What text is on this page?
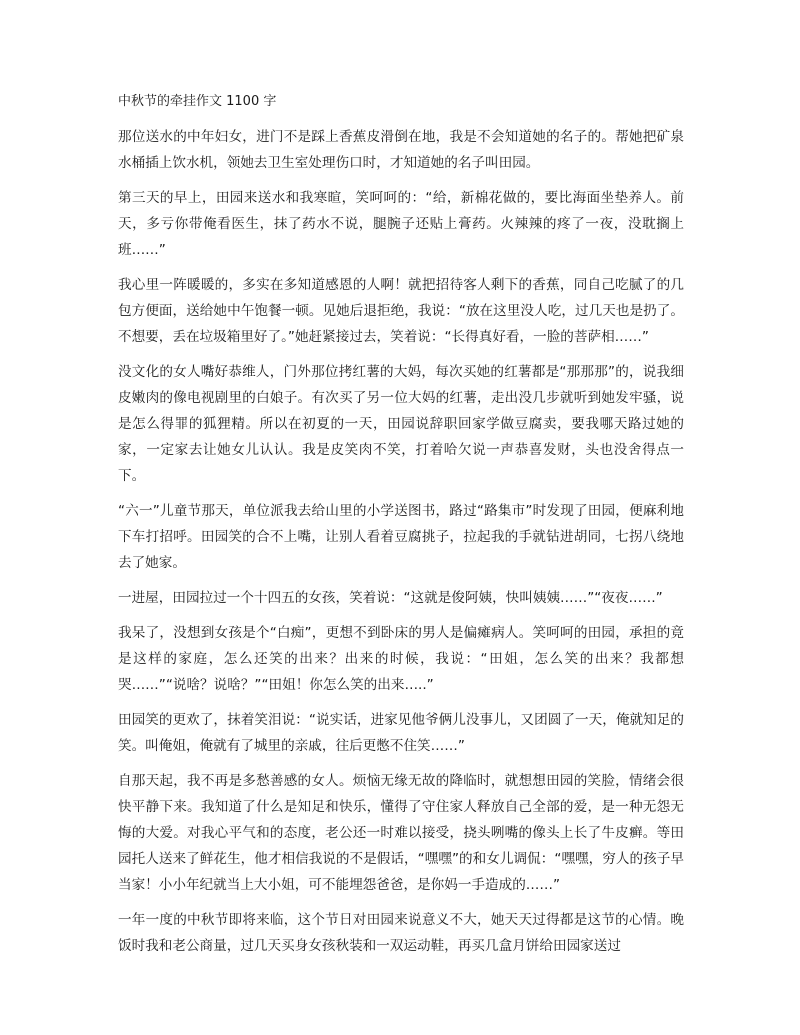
中秋节的牵挂作文 1100 字

那位送水的中年妇女，进门不是踩上香蕉皮滑倒在地，我是不会知道她的名子的。帮她把矿泉水桶插上饮水机，领她去卫生室处理伤口时，才知道她的名子叫田园。

第三天的早上，田园来送水和我寒暄，笑呵呵的：“给，新棉花做的，要比海面坐垫养人。前天，多亏你带俺看医生，抹了药水不说，腿腕子还贴上膏药。火辣辣的疼了一夜，没耽搁上班……”

我心里一阵暖暖的，多实在多知道感恩的人啊！就把招待客人剩下的香蕉，同自己吃腻了的几包方便面，送给她中午饱餐一顿。见她后退拒绝，我说：“放在这里没人吃，过几天也是扔了。不想要，丢在垃圾箱里好了。”她赶紧接过去，笑着说：“长得真好看，一脸的菩萨相……”

没文化的女人嘴好恭维人，门外那位拷红薯的大妈，每次买她的红薯都是“那那那”的，说我细皮嫩肉的像电视剧里的白娘子。有次买了另一位大妈的红薯，走出没几步就听到她发牢骚，说是怎么得罪的狐狸精。所以在初夏的一天，田园说辞职回家学做豆腐卖，要我哪天路过她的家，一定家去让她女儿认认。我是皮笑肉不笑，打着哈欠说一声恭喜发财，头也没舍得点一下。

“六一”儿童节那天，单位派我去给山里的小学送图书，路过“路集市”时发现了田园，便麻利地下车打招呼。田园笑的合不上嘴，让别人看着豆腐挑子，拉起我的手就钻进胡同，七拐八绕地去了她家。

一进屋，田园拉过一个十四五的女孩，笑着说：“这就是俊阿姨，快叫姨姨……”“夜夜……”

我呆了，没想到女孩是个“白痴”，更想不到卧床的男人是偏瘫病人。笑呵呵的田园，承担的竟是这样的家庭，怎么还笑的出来？出来的时候，我说：“田姐，怎么笑的出来？我都想哭……”“说啥？说啥？”“田姐！你怎么笑的出来…..”

田园笑的更欢了，抹着笑泪说：“说实话，进家见他爷俩儿没事儿，又团圆了一天，俺就知足的笑。叫俺姐，俺就有了城里的亲戚，往后更憋不住笑……”

自那天起，我不再是多愁善感的女人。烦恼无缘无故的降临时，就想想田园的笑脸，情绪会很快平静下来。我知道了什么是知足和快乐，懂得了守住家人释放自己全部的爱，是一种无怨无悔的大爱。对我心平气和的态度，老公还一时难以接受，挠头咧嘴的像头上长了牛皮癣。等田园托人送来了鲜花生，他才相信我说的不是假话，“嘿嘿”的和女儿调侃：“嘿嘿，穷人的孩子早当家！小小年纪就当上大小姐，可不能埋怨爸爸，是你妈一手造成的……”

一年一度的中秋节即将来临，这个节日对田园来说意义不大，她天天过得都是这节的心情。晚饭时我和老公商量，过几天买身女孩秋装和一双运动鞋，再买几盒月饼给田园家送过
